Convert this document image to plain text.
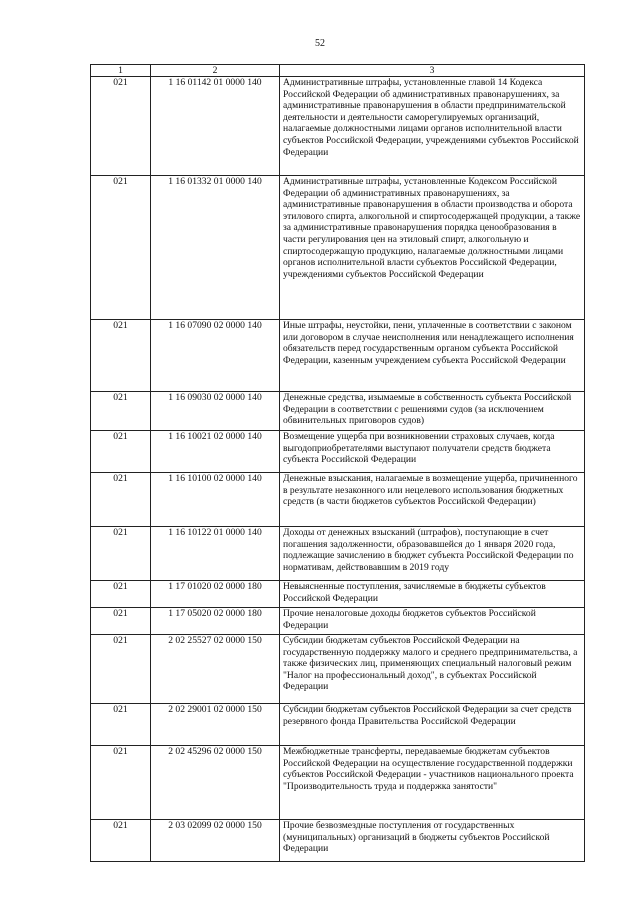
52
1	2	3
021	1 16 01142 01 0000 140	Административные штрафы, установленные главой 14 Кодекса Российской Федерации об административных правонарушениях, за административные правонарушения в области предпринимательской деятельности и деятельности саморегулируемых организаций, налагаемые должностными лицами органов исполнительной власти субъектов Российской Федерации, учреждениями субъектов Российской Федерации
021	1 16 01332 01 0000 140	Административные штрафы, установленные Кодексом Российской Федерации об административных правонарушениях, за административные правонарушения в области производства и оборота этилового спирта, алкогольной и спиртосодержащей продукции, а также за административные правонарушения порядка ценообразования в части регулирования цен на этиловый спирт, алкогольную и спиртосодержащую продукцию, налагаемые должностными лицами органов исполнительной власти субъектов Российской Федерации, учреждениями субъектов Российской Федерации
021	1 16 07090 02 0000 140	Иные штрафы, неустойки, пени, уплаченные в соответствии с законом или договором в случае неисполнения или ненадлежащего исполнения обязательств перед государственным органом субъекта Российской Федерации, казенным учреждением субъекта Российской Федерации
021	1 16 09030 02 0000 140	Денежные средства, изымаемые в собственность субъекта Российской Федерации в соответствии с решениями судов (за исключением обвинительных приговоров судов)
021	1 16 10021 02 0000 140	Возмещение ущерба при возникновении страховых случаев, когда выгодоприобретателями выступают получатели средств бюджета субъекта Российской Федерации
021	1 16 10100 02 0000 140	Денежные взыскания, налагаемые в возмещение ущерба, причиненного в результате незаконного или нецелевого использования бюджетных средств (в части бюджетов субъектов Российской Федерации)
021	1 16 10122 01 0000 140	Доходы от денежных взысканий (штрафов), поступающие в счет погашения задолженности, образовавшейся до 1 января 2020 года, подлежащие зачислению в бюджет субъекта Российской Федерации по нормативам, действовавшим в 2019 году
021	1 17 01020 02 0000 180	Невыясненные поступления, зачисляемые в бюджеты субъектов Российской Федерации
021	1 17 05020 02 0000 180	Прочие неналоговые доходы бюджетов субъектов Российской Федерации
021	2 02 25527 02 0000 150	Субсидии бюджетам субъектов Российской Федерации на государственную поддержку малого и среднего предпринимательства, а также физических лиц, применяющих специальный налоговый режим "Налог на профессиональный доход", в субъектах Российской Федерации
021	2 02 29001 02 0000 150	Субсидии бюджетам субъектов Российской Федерации за счет средств резервного фонда Правительства Российской Федерации
021	2 02 45296 02 0000 150	Межбюджетные трансферты, передаваемые бюджетам субъектов Российской Федерации на осуществление государственной поддержки субъектов Российской Федерации - участников национального проекта "Производительность труда и поддержка занятости"
021	2 03 02099 02 0000 150	Прочие безвозмездные поступления от государственных (муниципальных) организаций в бюджеты субъектов Российской Федерации
